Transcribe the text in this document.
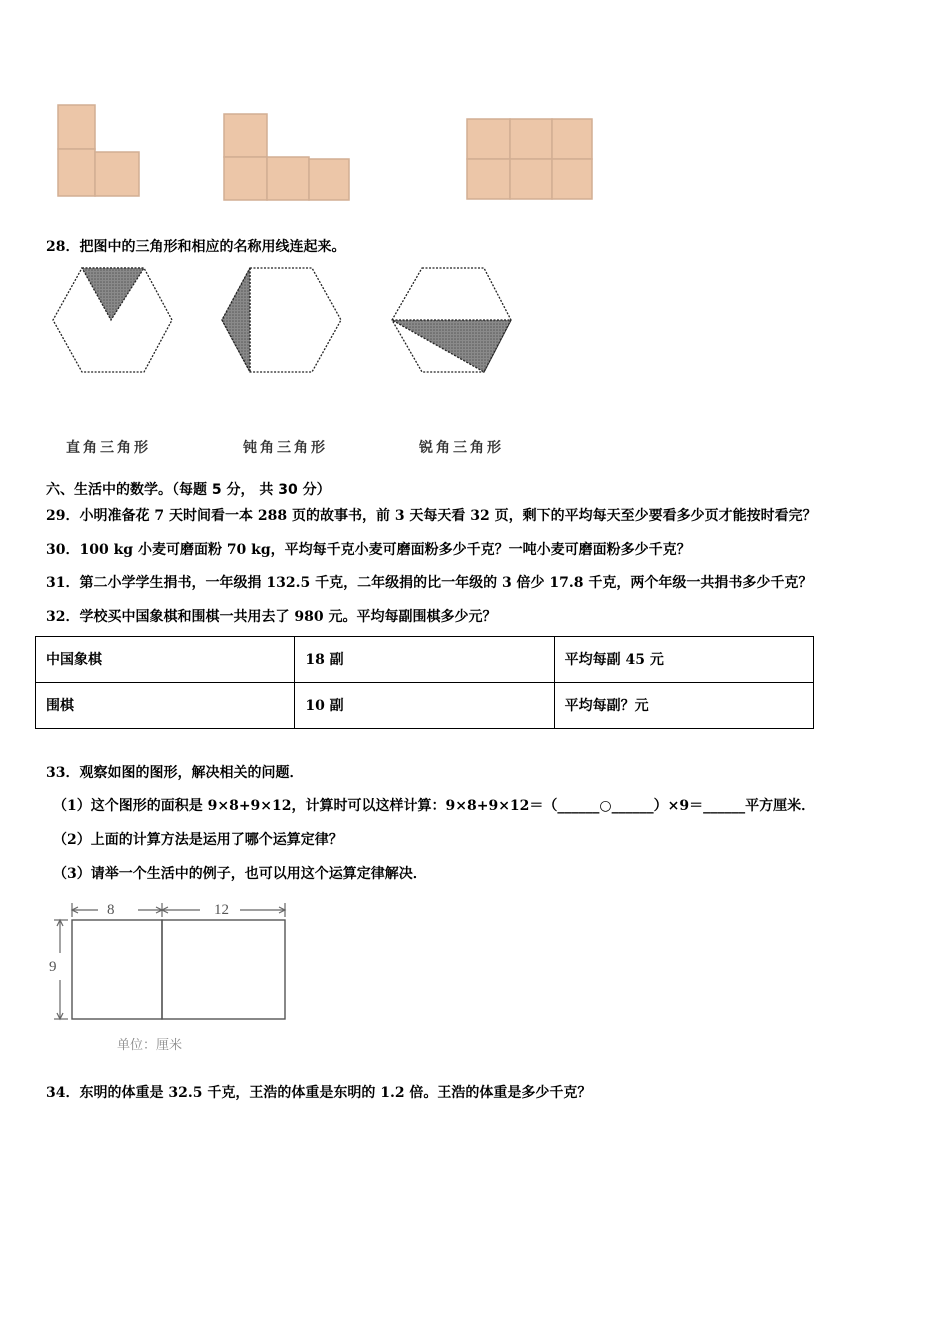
28．把图中的三角形和相应的名称用线连起来。
直角三角形	钝角三角形	锐角三角形
六、生活中的数学。（每题 5 分， 共 30 分）
29．小明准备花 7 天时间看一本 288 页的故事书，前 3 天每天看 32 页，剩下的平均每天至少要看多少页才能按时看完？
30．100 kg 小麦可磨面粉 70 kg，平均每千克小麦可磨面粉多少千克？一吨小麦可磨面粉多少千克？
31．第二小学学生捐书，一年级捐 132.5 千克，二年级捐的比一年级的 3 倍少 17.8 千克，两个年级一共捐书多少千克？
32．学校买中国象棋和围棋一共用去了 980 元。平均每副围棋多少元？
中国象棋	18 副	平均每副 45 元
围棋	10 副	平均每副？元
33．观察如图的图形，解决相关的问题．
（1）这个图形的面积是 9×8+9×12，计算时可以这样计算：9×8+9×12＝（______○______）×9＝______平方厘米．
（2）上面的计算方法是运用了哪个运算定律？
（3）请举一个生活中的例子，也可以用这个运算定律解决．
8	12
9
单位：厘米
34．东明的体重是 32.5 千克，王浩的体重是东明的 1.2 倍。王浩的体重是多少千克？
